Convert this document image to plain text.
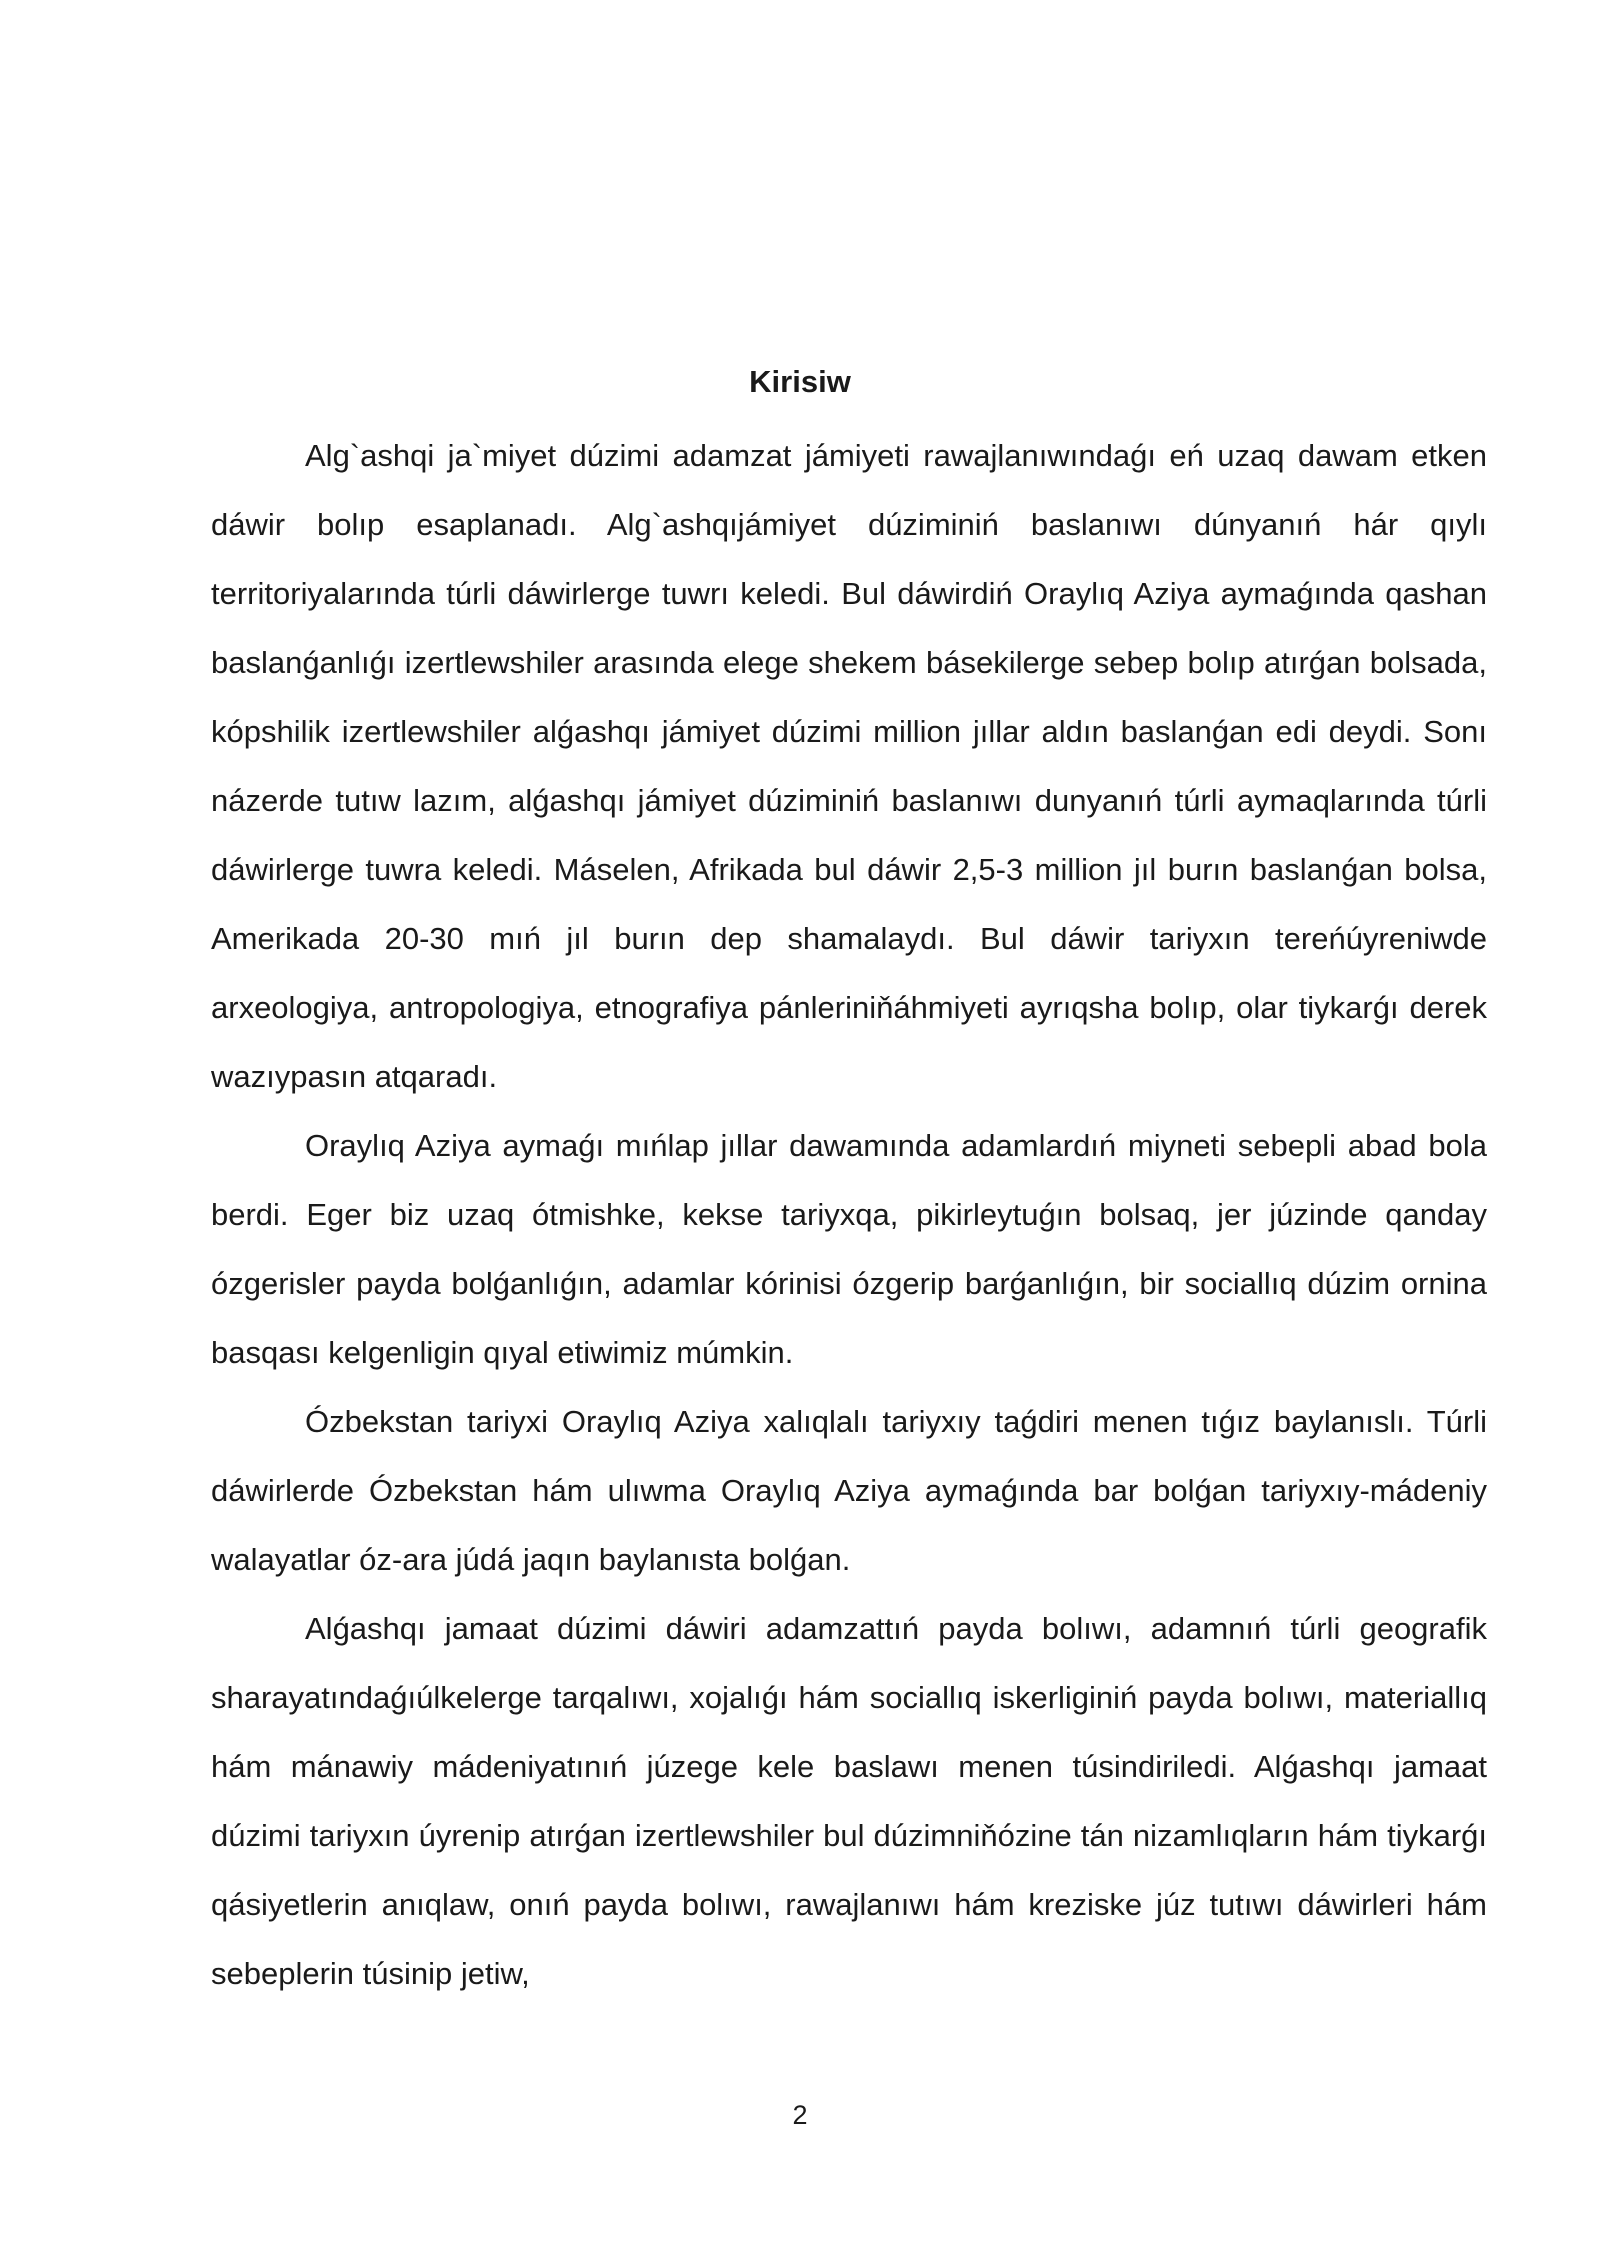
Kirisiw

Alg`ashqi ja`miyet dúzimi adamzat jámiyeti rawajlanıwındaǵı eń uzaq dawam etken dáwir bolıp esaplanadı. Alg`ashqıjámiyet dúziminiń baslanıwı dúnyanıń hár qıylı territoriyalarında túrli dáwirlerge tuwrı keledi. Bul dáwirdiń Oraylıq Aziya aymaǵında qashan baslanǵanlıǵı izertlewshiler arasında elege shekem básekilerge sebep bolıp atırǵan bolsada, kópshilik izertlewshiler alǵashqı jámiyet dúzimi million jıllar aldın baslanǵan edi deydi. Sonı názerde tutıw lazım, alǵashqı jámiyet dúziminiń baslanıwı dunyanıń túrli aymaqlarında túrli dáwirlerge tuwra keledi. Máselen, Afrikada bul dáwir 2,5-3 million jıl burın baslanǵan bolsa, Amerikada 20-30 mıń jıl burın dep shamalaydı. Bul dáwir tariyxın tereńúyreniwde arxeologiya, antropologiya, etnografiya pánleriniňáhmiyeti ayrıqsha bolıp, olar tiykarǵı derek wazıypasın atqaradı.

Oraylıq Aziya aymaǵı mıńlap jıllar dawamında adamlardıń miyneti sebepli abad bola berdi. Eger biz uzaq ótmishke, kekse tariyxqa, pikirleytuǵın bolsaq, jer júzinde qanday ózgerisler payda bolǵanlıǵın, adamlar kórinisi ózgerip barǵanlıǵın, bir sociallıq dúzim ornina basqası kelgenligin qıyal etiwimiz múmkin.

Ózbekstan tariyxi Oraylıq Aziya xalıqlalı tariyxıy taǵdiri menen tıǵız baylanıslı. Túrli dáwirlerde Ózbekstan hám ulıwma Oraylıq Aziya aymaǵında bar bolǵan tariyxıy-mádeniy walayatlar óz-ara júdá jaqın baylanısta bolǵan.

Alǵashqı jamaat dúzimi dáwiri adamzattıń payda bolıwı, adamnıń túrli geografik sharayatındaǵıúlkelerge tarqalıwı, xojalıǵı hám sociallıq iskerliginiń payda bolıwı, materiallıq hám mánawiy mádeniyatınıń júzege kele baslawı menen túsindiriledi. Alǵashqı jamaat dúzimi tariyxın úyrenip atırǵan izertlewshiler bul dúzimniňózine tán nizamlıqların hám tiykarǵı qásiyetlerin anıqlaw, onıń payda bolıwı, rawajlanıwı hám kreziske júz tutıwı dáwirleri hám sebeplerin túsinip jetiw,

2
